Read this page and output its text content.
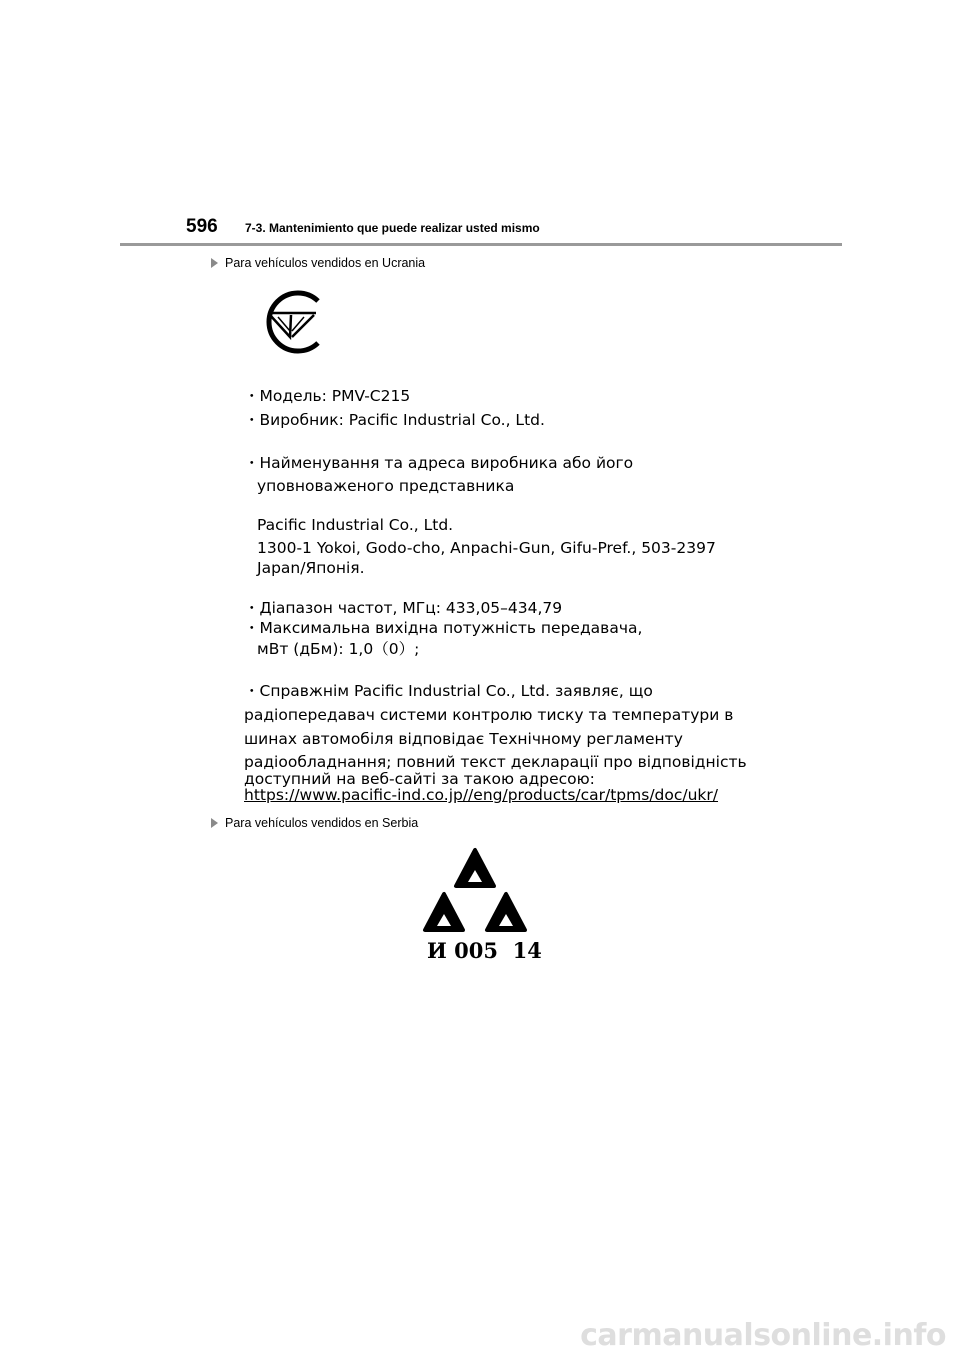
596 7-3. Mantenimiento que puede realizar usted mismo
Para vehículos vendidos en Ucrania
・Модель: PMV-C215
・Виробник: Pacific Industrial Co., Ltd.
・Найменування та адреса виробника або його
уповноваженого представника
Pacific Industrial Co., Ltd.
1300-1 Yokoi, Godo-cho, Anpachi-Gun, Gifu-Pref., 503-2397
Japan/Японія.
・Діапазон частот, МГц: 433,05–434,79
・Максимальна вихідна потужність передавача,
мВт (дБм): 1,0（0）;
・Справжнім Pacific Industrial Co., Ltd. заявляє, що
радіопередавач системи контролю тиску та температури в
шинах автомобіля відповідає Технічному регламенту
радіообладнання; повний текст декларації про відповідність
доступний на веб-сайті за такою адресою:
https://www.pacific-ind.co.jp//eng/products/car/tpms/doc/ukr/
Para vehículos vendidos en Serbia
И 005  14
carmanualsonline.info
